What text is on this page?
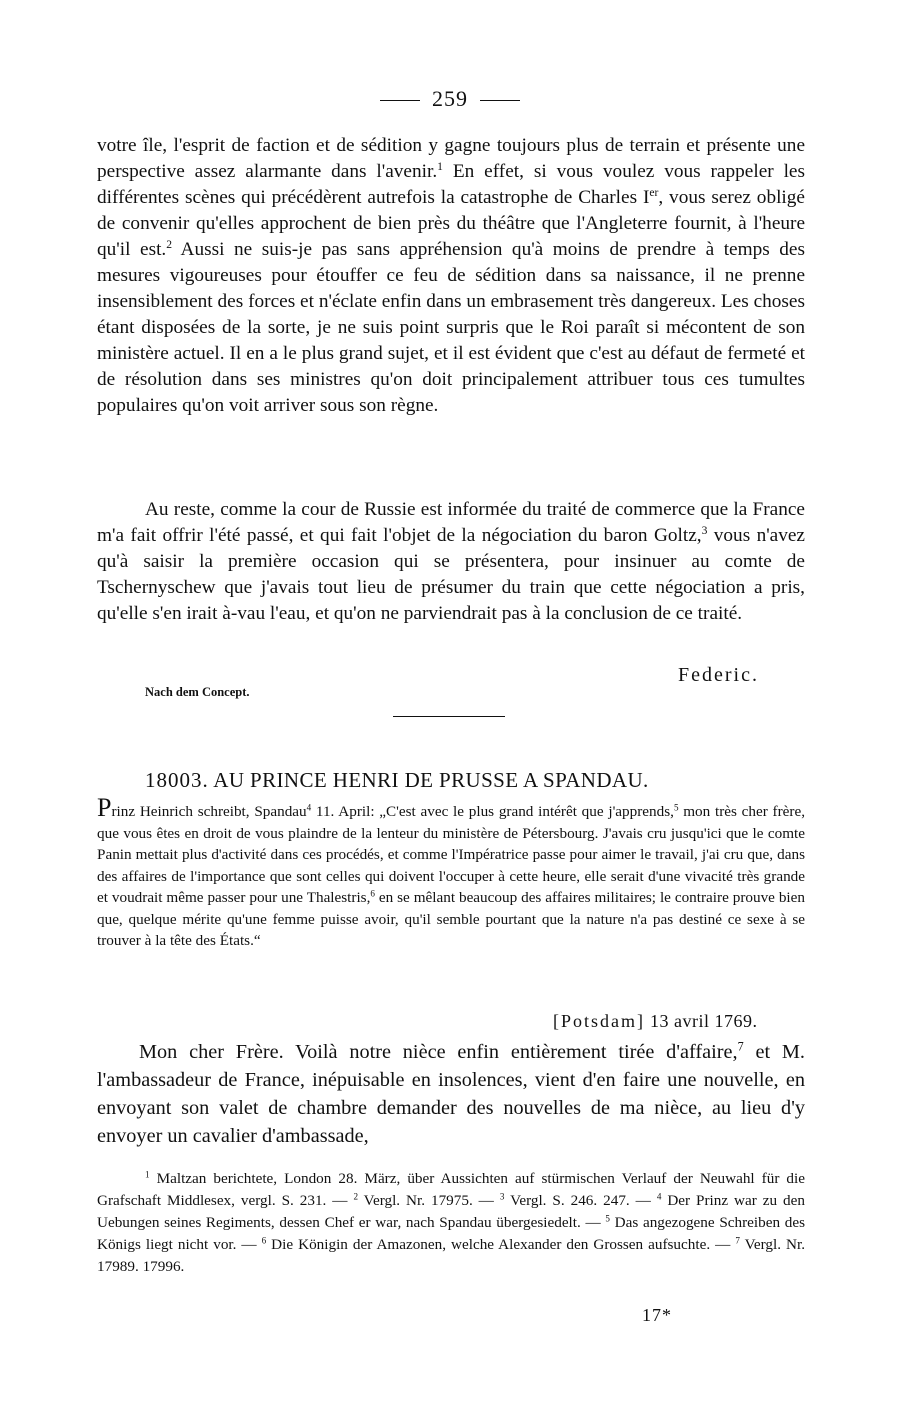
259
votre île, l'esprit de faction et de sédition y gagne toujours plus de terrain et présente une perspective assez alarmante dans l'avenir.$^1$ En effet, si vous voulez vous rappeler les différentes scènes qui précédèrent autrefois la catastrophe de Charles Ier, vous serez obligé de convenir qu'elles approchent de bien près du théâtre que l'Angleterre fournit, à l'heure qu'il est.$^2$ Aussi ne suis-je pas sans appréhension qu'à moins de prendre à temps des mesures vigoureuses pour étouffer ce feu de sédition dans sa naissance, il ne prenne insensiblement des forces et n'éclate enfin dans un embrasement très dangereux. Les choses étant disposées de la sorte, je ne suis point surpris que le Roi paraît si mécontent de son ministère actuel. Il en a le plus grand sujet, et il est évident que c'est au défaut de fermeté et de résolution dans ses ministres qu'on doit principalement attribuer tous ces tumultes populaires qu'on voit arriver sous son règne.
Au reste, comme la cour de Russie est informée du traité de commerce que la France m'a fait offrir l'été passé, et qui fait l'objet de la négociation du baron Goltz,$^3$ vous n'avez qu'à saisir la première occasion qui se présentera, pour insinuer au comte de Tschernyschew que j'avais tout lieu de présumer du train que cette négociation a pris, qu'elle s'en irait à-vau l'eau, et qu'on ne parviendrait pas à la conclusion de ce traité.
Federic.
Nach dem Concept.
18003. AU PRINCE HENRI DE PRUSSE A SPANDAU.
Prinz Heinrich schreibt, Spandau$^4$ 11. April: „C'est avec le plus grand intérêt que j'apprends,$^5$ mon très cher frère, que vous êtes en droit de vous plaindre de la lenteur du ministère de Pétersbourg. J'avais cru jusqu'ici que le comte Panin mettait plus d'activité dans ces procédés, et comme l'Impératrice passe pour aimer le travail, j'ai cru que, dans des affaires de l'importance que sont celles qui doivent l'occuper à cette heure, elle serait d'une vivacité très grande et voudrait même passer pour une Thalestris,$^6$ en se mêlant beaucoup des affaires militaires; le contraire prouve bien que, quelque mérite qu'une femme puisse avoir, qu'il semble pourtant que la nature n'a pas destiné ce sexe à se trouver à la tête des États.“
[Potsdam] 13 avril 1769.
Mon cher Frère. Voilà notre nièce enfin entièrement tirée d'affaire,$^7$ et M. l'ambassadeur de France, inépuisable en insolences, vient d'en faire une nouvelle, en envoyant son valet de chambre demander des nouvelles de ma nièce, au lieu d'y envoyer un cavalier d'ambassade,
$^1$ Maltzan berichtete, London 28. März, über Aussichten auf stürmischen Verlauf der Neuwahl für die Grafschaft Middlesex, vergl. S. 231. — $^2$ Vergl. Nr. 17975. — $^3$ Vergl. S. 246. 247. — $^4$ Der Prinz war zu den Uebungen seines Regiments, dessen Chef er war, nach Spandau übergesiedelt. — $^5$ Das angezogene Schreiben des Königs liegt nicht vor. — $^6$ Die Königin der Amazonen, welche Alexander den Grossen aufsuchte. — $^7$ Vergl. Nr. 17989. 17996.
17*
